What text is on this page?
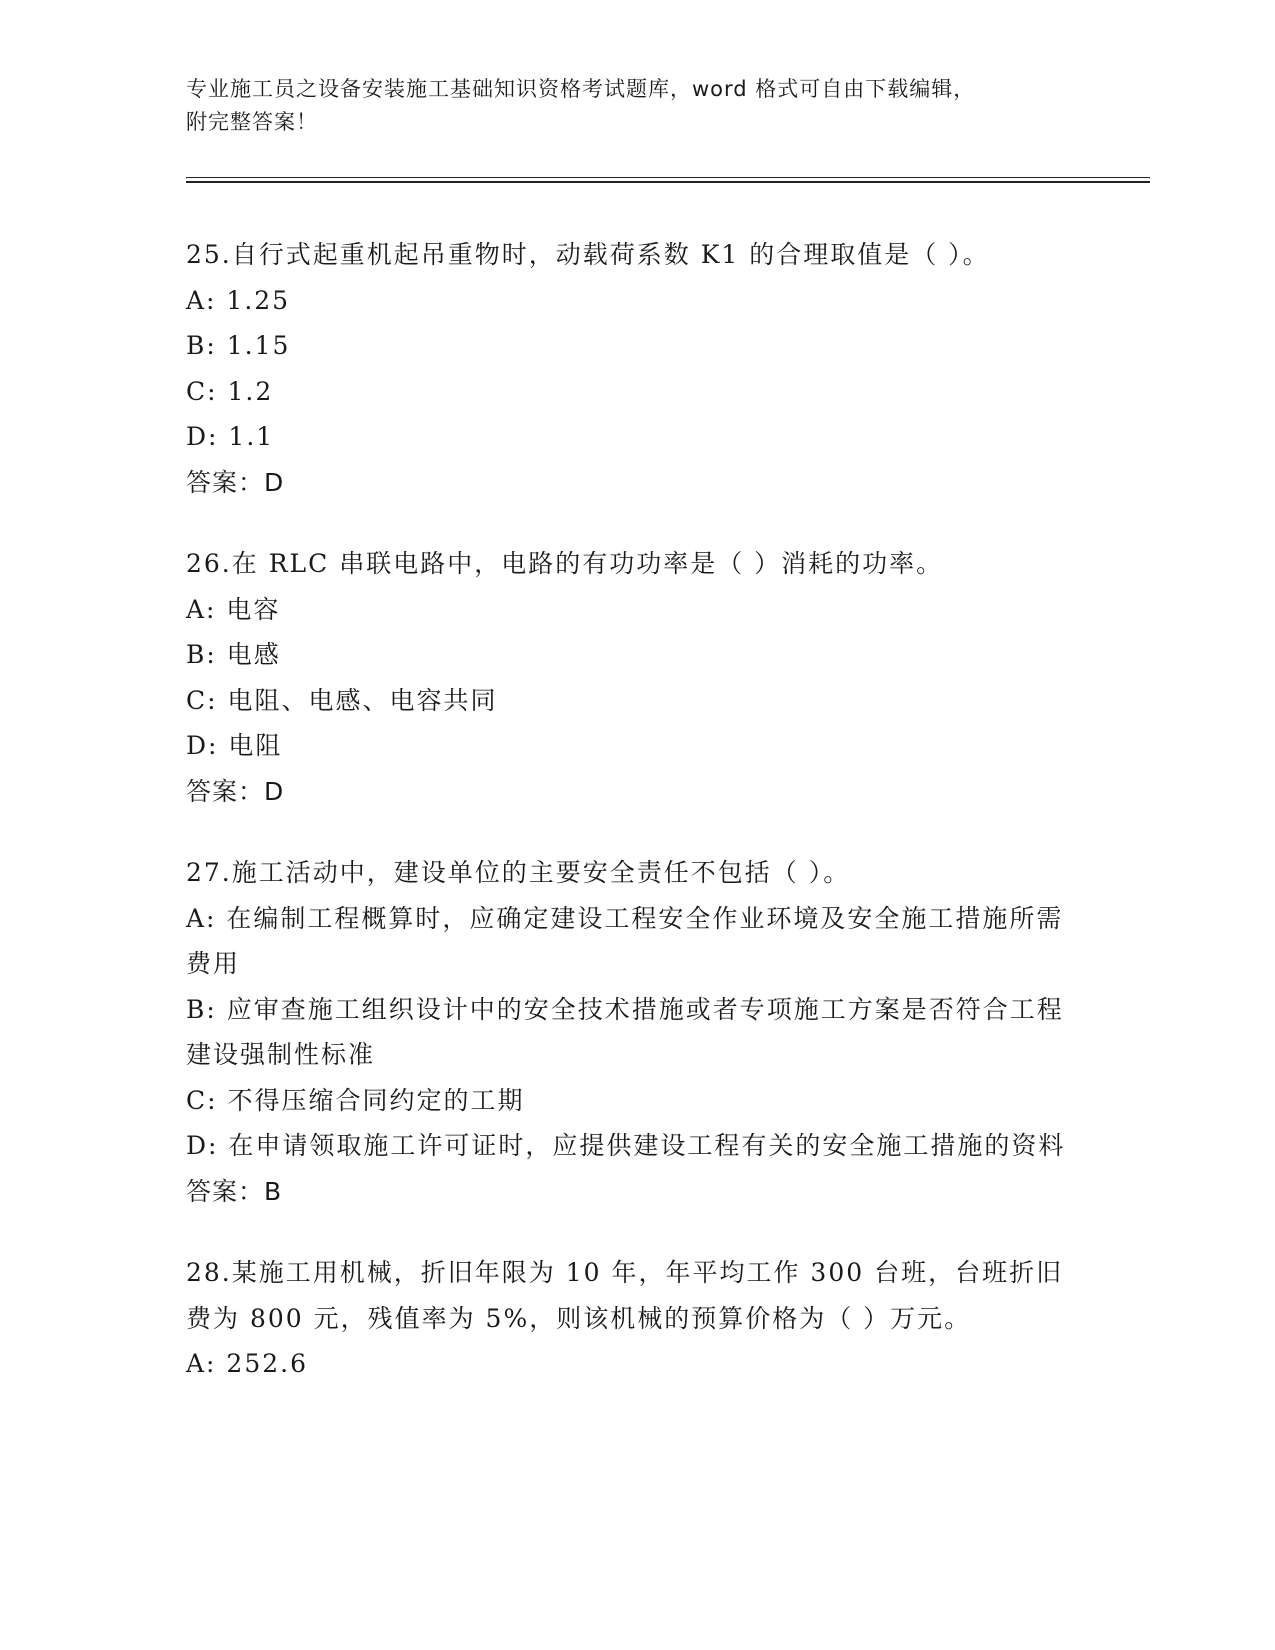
专业施工员之设备安装施工基础知识资格考试题库，word 格式可自由下载编辑，
附完整答案！
25.自行式起重机起吊重物时，动载荷系数 K1 的合理取值是（ ）。
A: 1.25
B: 1.15
C: 1.2
D: 1.1
答案：D
26.在 RLC 串联电路中，电路的有功功率是（ ）消耗的功率。
A: 电容
B: 电感
C: 电阻、电感、电容共同
D: 电阻
答案：D
27.施工活动中，建设单位的主要安全责任不包括（ ）。
A: 在编制工程概算时，应确定建设工程安全作业环境及安全施工措施所需费用
B: 应审查施工组织设计中的安全技术措施或者专项施工方案是否符合工程建设强制性标准
C: 不得压缩合同约定的工期
D: 在申请领取施工许可证时，应提供建设工程有关的安全施工措施的资料
答案：B
28.某施工用机械，折旧年限为 10 年，年平均工作 300 台班，台班折旧费为 800 元，残值率为 5%，则该机械的预算价格为（ ）万元。
A: 252.6
